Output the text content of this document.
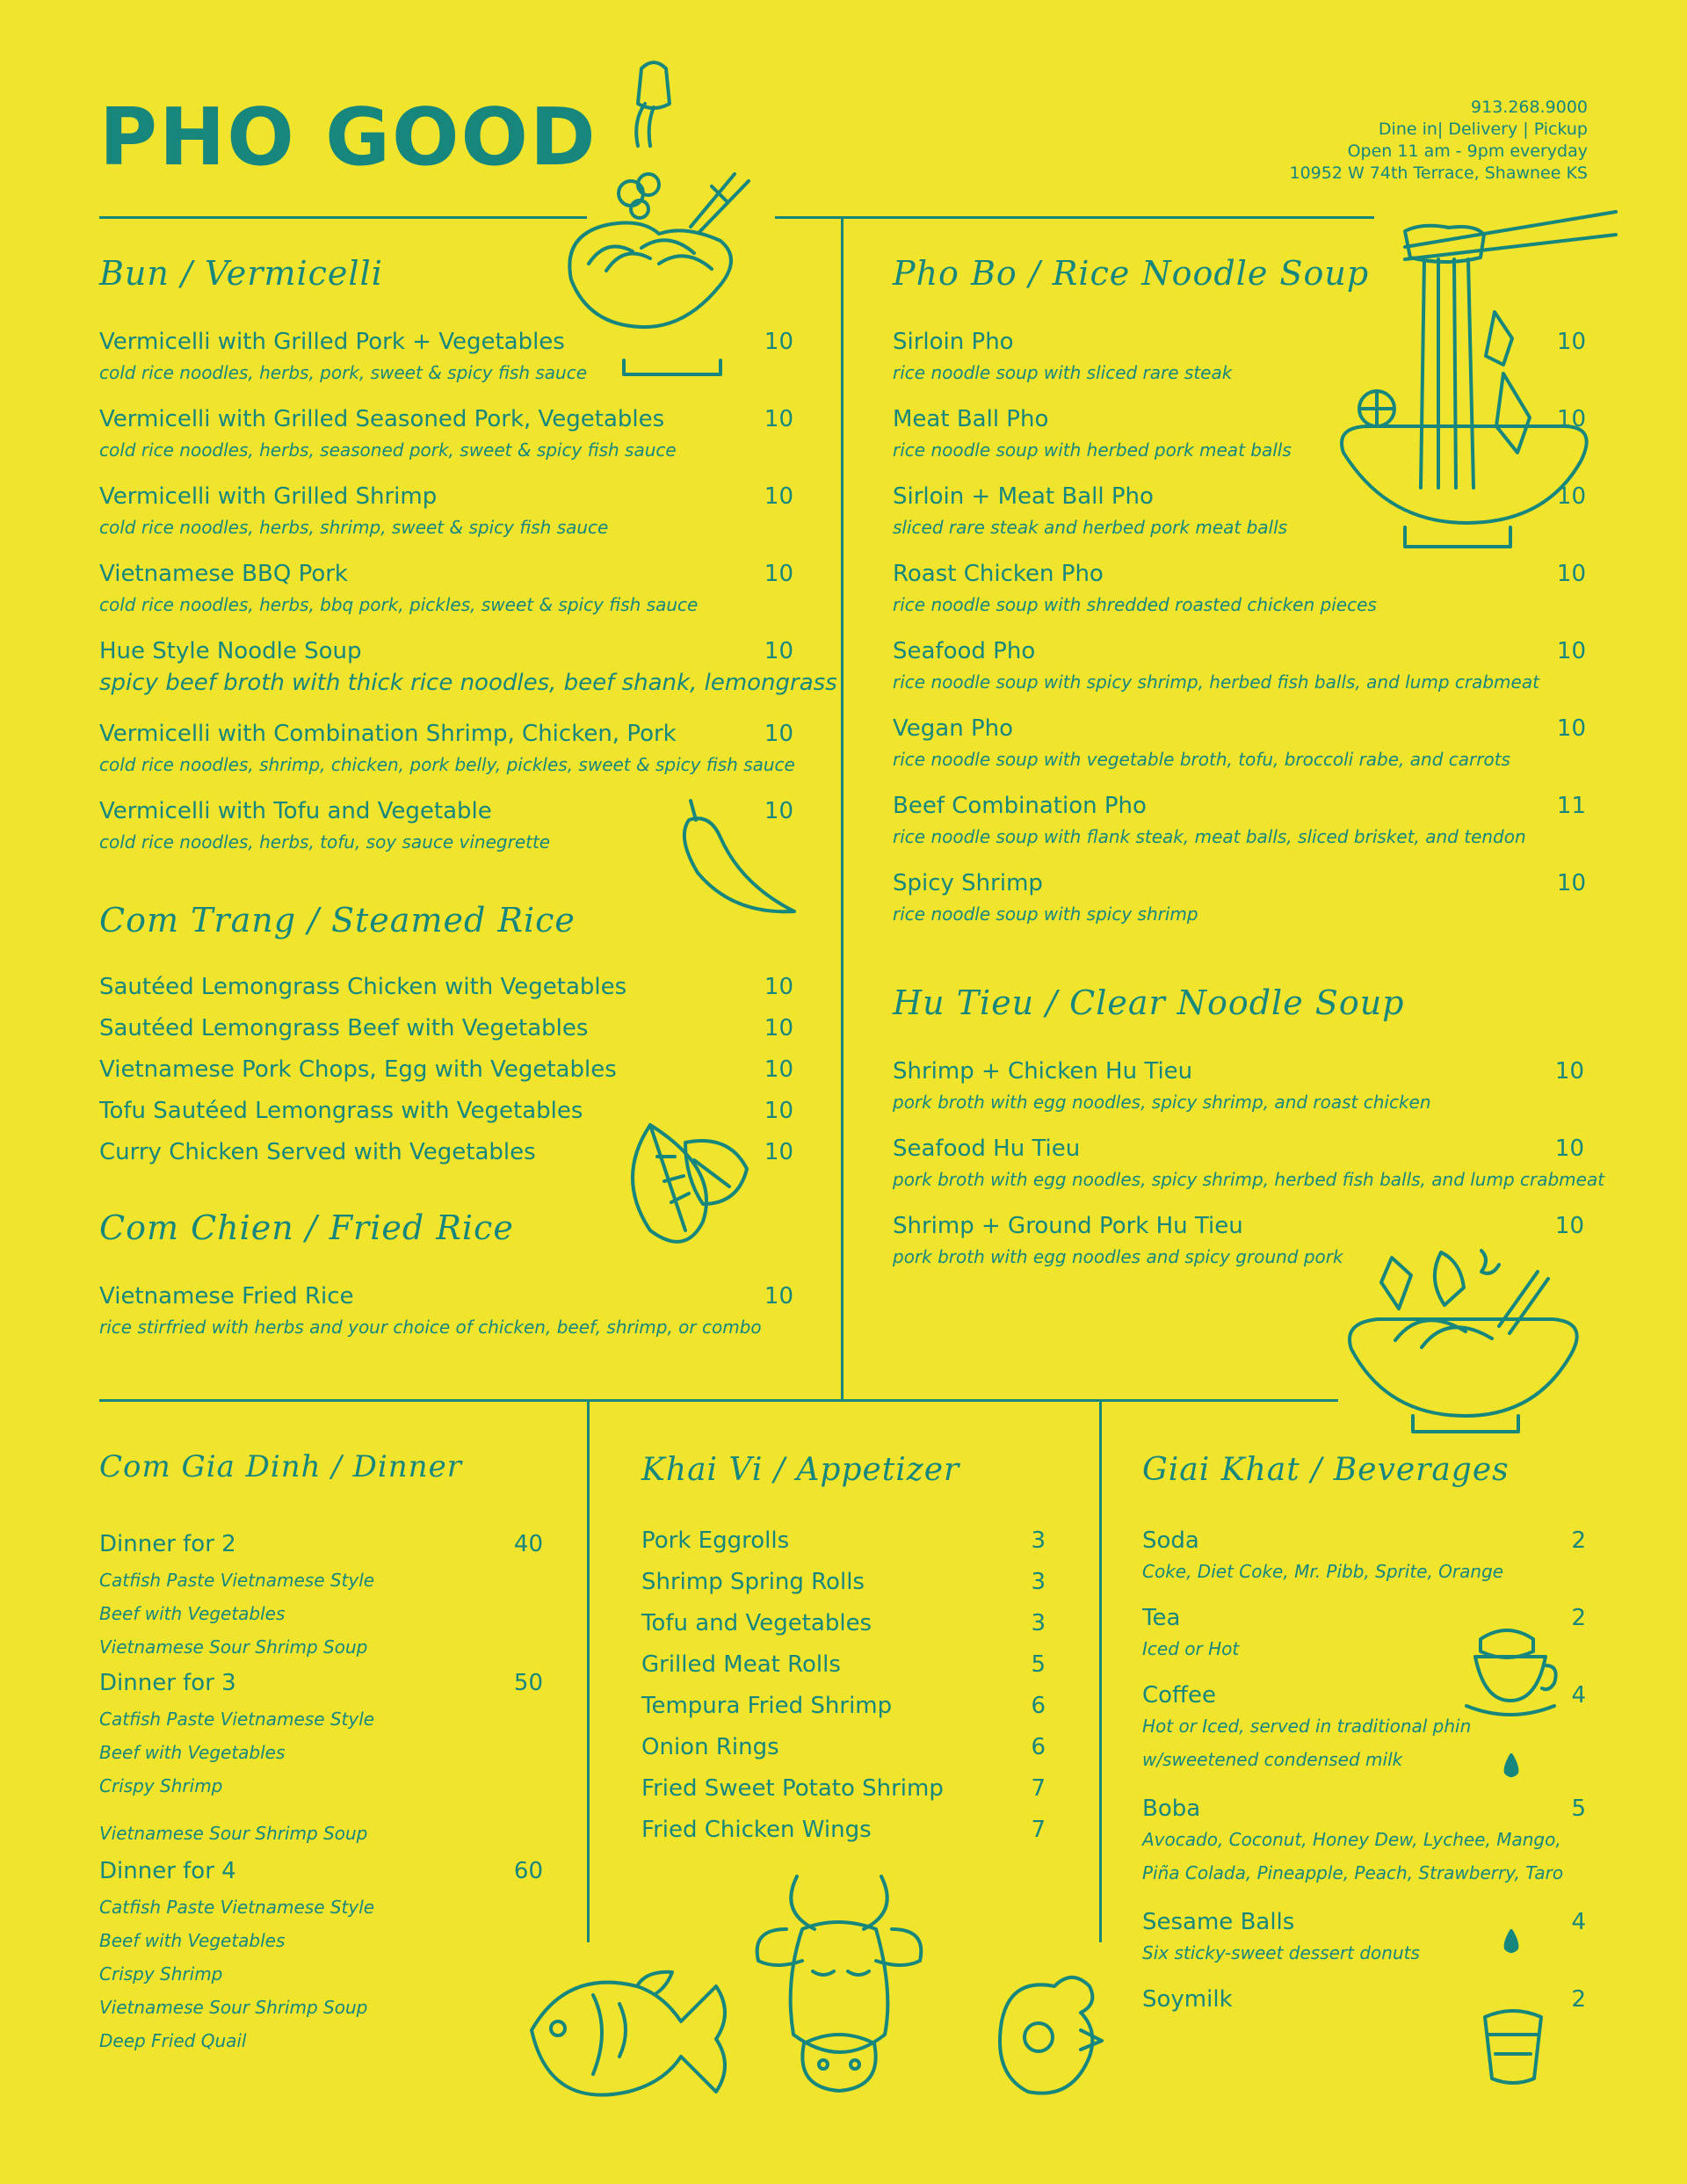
PHO GOOD	913.268.9000
Dine in| Delivery | Pickup
Open 11 am - 9pm everyday
10952 W 74th Terrace, Shawnee KS
Bun / Vermicelli
Vermicelli with Grilled Pork + Vegetables	10
cold rice noodles, herbs, pork, sweet & spicy fish sauce
Vermicelli with Grilled Seasoned Pork, Vegetables	10
cold rice noodles, herbs, seasoned pork, sweet & spicy fish sauce
Vermicelli with Grilled Shrimp	10
cold rice noodles, herbs, shrimp, sweet & spicy fish sauce
Vietnamese BBQ Pork	10
cold rice noodles, herbs, bbq pork, pickles, sweet & spicy fish sauce
Hue Style Noodle Soup	10
spicy beef broth with thick rice noodles, beef shank, lemongrass
Vermicelli with Combination Shrimp, Chicken, Pork	10
cold rice noodles, shrimp, chicken, pork belly, pickles, sweet & spicy fish sauce
Vermicelli with Tofu and Vegetable	10
cold rice noodles, herbs, tofu, soy sauce vinegrette
Com Trang / Steamed Rice
Sautéed Lemongrass Chicken with Vegetables	10
Sautéed Lemongrass Beef with Vegetables	10
Vietnamese Pork Chops, Egg with Vegetables	10
Tofu Sautéed Lemongrass with Vegetables	10
Curry Chicken Served with Vegetables	10
Com Chien / Fried Rice
Vietnamese Fried Rice	10
rice stirfried with herbs and your choice of chicken, beef, shrimp, or combo
Pho Bo / Rice Noodle Soup
Sirloin Pho	10
rice noodle soup with sliced rare steak
Meat Ball Pho	10
rice noodle soup with herbed pork meat balls
Sirloin + Meat Ball Pho	10
sliced rare steak and herbed pork meat balls
Roast Chicken Pho	10
rice noodle soup with shredded roasted chicken pieces
Seafood Pho	10
rice noodle soup with spicy shrimp, herbed fish balls, and lump crabmeat
Vegan Pho	10
rice noodle soup with vegetable broth, tofu, broccoli rabe, and carrots
Beef Combination Pho	11
rice noodle soup with flank steak, meat balls, sliced brisket, and tendon
Spicy Shrimp	10
rice noodle soup with spicy shrimp
Hu Tieu / Clear Noodle Soup
Shrimp + Chicken Hu Tieu	10
pork broth with egg noodles, spicy shrimp, and roast chicken
Seafood Hu Tieu	10
pork broth with egg noodles, spicy shrimp, herbed fish balls, and lump crabmeat
Shrimp + Ground Pork Hu Tieu	10
pork broth with egg noodles and spicy ground pork
Com Gia Dinh / Dinner
Dinner for 2	40
Catfish Paste Vietnamese Style
Beef with Vegetables
Vietnamese Sour Shrimp Soup
Dinner for 3	50
Catfish Paste Vietnamese Style
Beef with Vegetables
Crispy Shrimp
Vietnamese Sour Shrimp Soup
Dinner for 4	60
Catfish Paste Vietnamese Style
Beef with Vegetables
Crispy Shrimp
Vietnamese Sour Shrimp Soup
Deep Fried Quail
Khai Vi / Appetizer
Pork Eggrolls	3
Shrimp Spring Rolls	3
Tofu and Vegetables	3
Grilled Meat Rolls	5
Tempura Fried Shrimp	6
Onion Rings	6
Fried Sweet Potato Shrimp	7
Fried Chicken Wings	7
Giai Khat / Beverages
Soda	2
Coke, Diet Coke, Mr. Pibb, Sprite, Orange
Tea	2
Iced or Hot
Coffee	4
Hot or Iced, served in traditional phin
w/sweetened condensed milk
Boba	5
Avocado, Coconut, Honey Dew, Lychee, Mango,
Piña Colada, Pineapple, Peach, Strawberry, Taro
Sesame Balls	4
Six sticky-sweet dessert donuts
Soymilk	2
